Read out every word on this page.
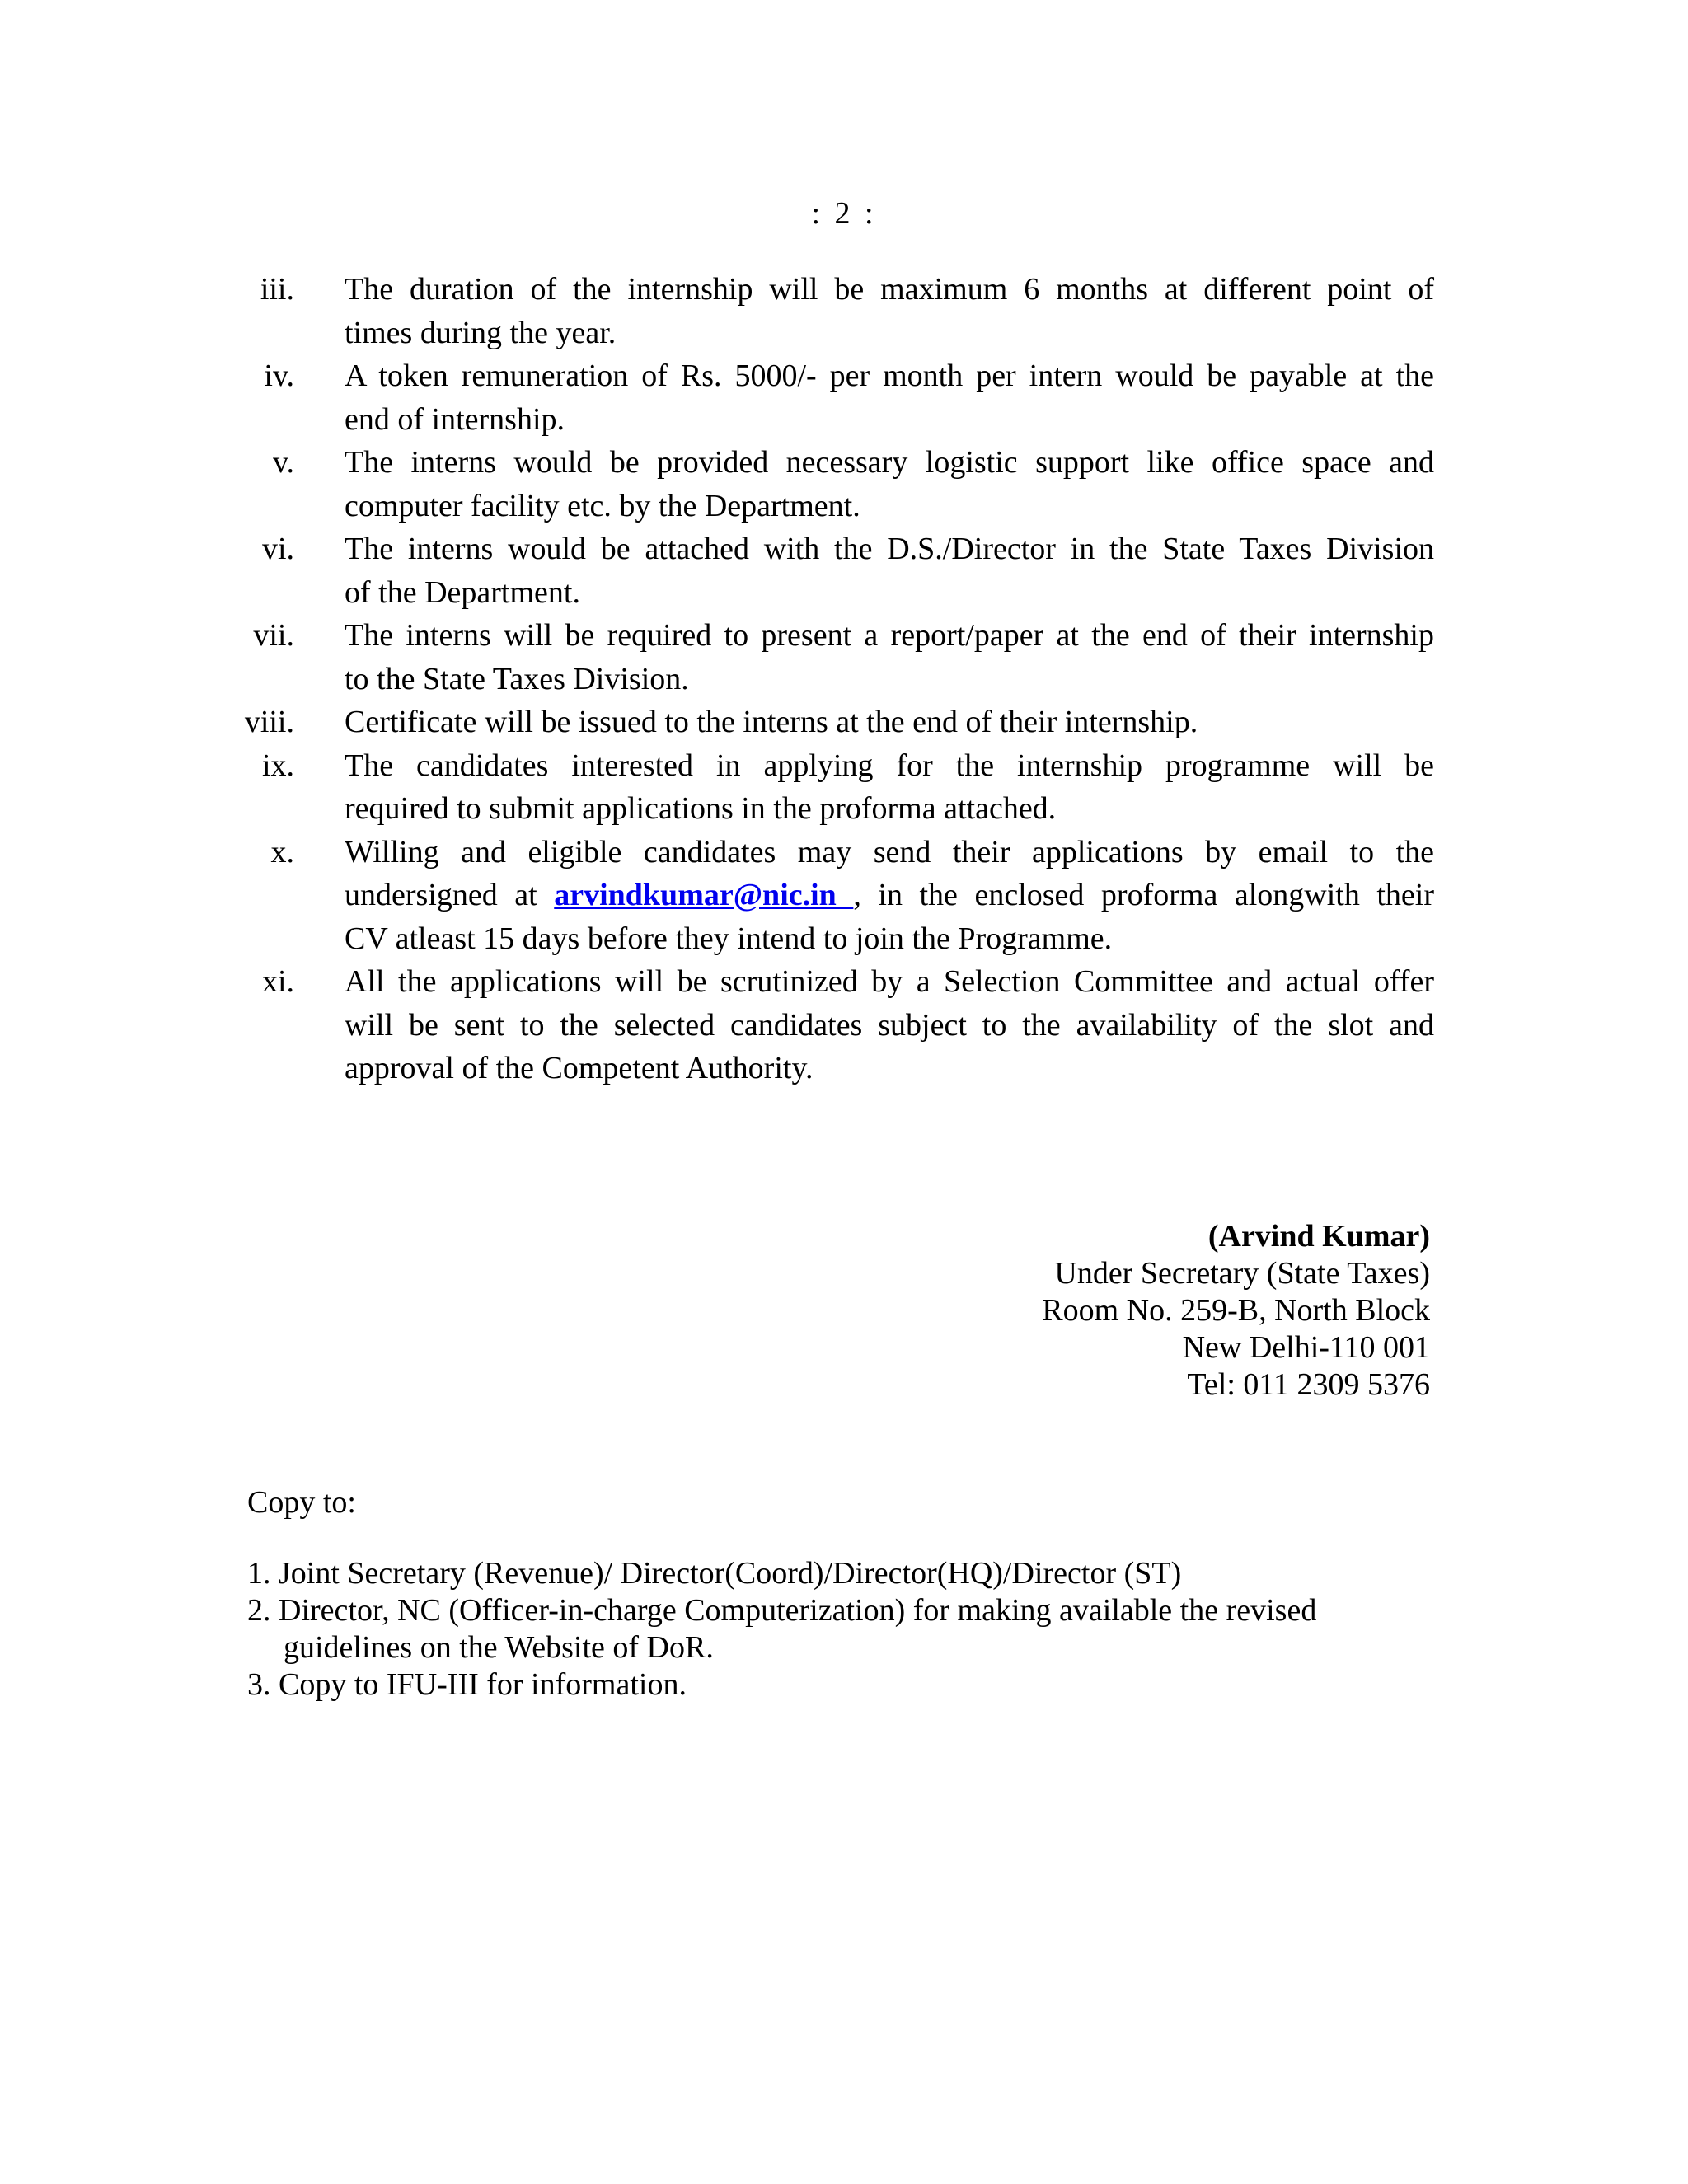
: 2 :
iii. The duration of the internship will be maximum 6 months at different point of
times during the year.
iv. A token remuneration of Rs. 5000/- per month per intern would be payable at the
end of internship.
v. The interns would be provided necessary logistic support like office space and
computer facility etc. by the Department.
vi. The interns would be attached with the D.S./Director in the State Taxes Division
of the Department.
vii. The interns will be required to present a report/paper at the end of their internship
to the State Taxes Division.
viii. Certificate will be issued to the interns at the end of their internship.
ix. The candidates interested in applying for the internship programme will be
required to submit applications in the proforma attached.
x. Willing and eligible candidates may send their applications by email to the
undersigned at arvindkumar@nic.in , in the enclosed proforma alongwith their
CV atleast 15 days before they intend to join the Programme.
xi. All the applications will be scrutinized by a Selection Committee and actual offer
will be sent to the selected candidates subject to the availability of the slot and
approval of the Competent Authority.
(Arvind Kumar)
Under Secretary (State Taxes)
Room No. 259-B, North Block
New Delhi-110 001
Tel: 011 2309 5376
Copy to:
1. Joint Secretary (Revenue)/ Director(Coord)/Director(HQ)/Director (ST)
2. Director, NC (Officer-in-charge Computerization) for making available the revised
guidelines on the Website of DoR.
3. Copy to IFU-III for information.
